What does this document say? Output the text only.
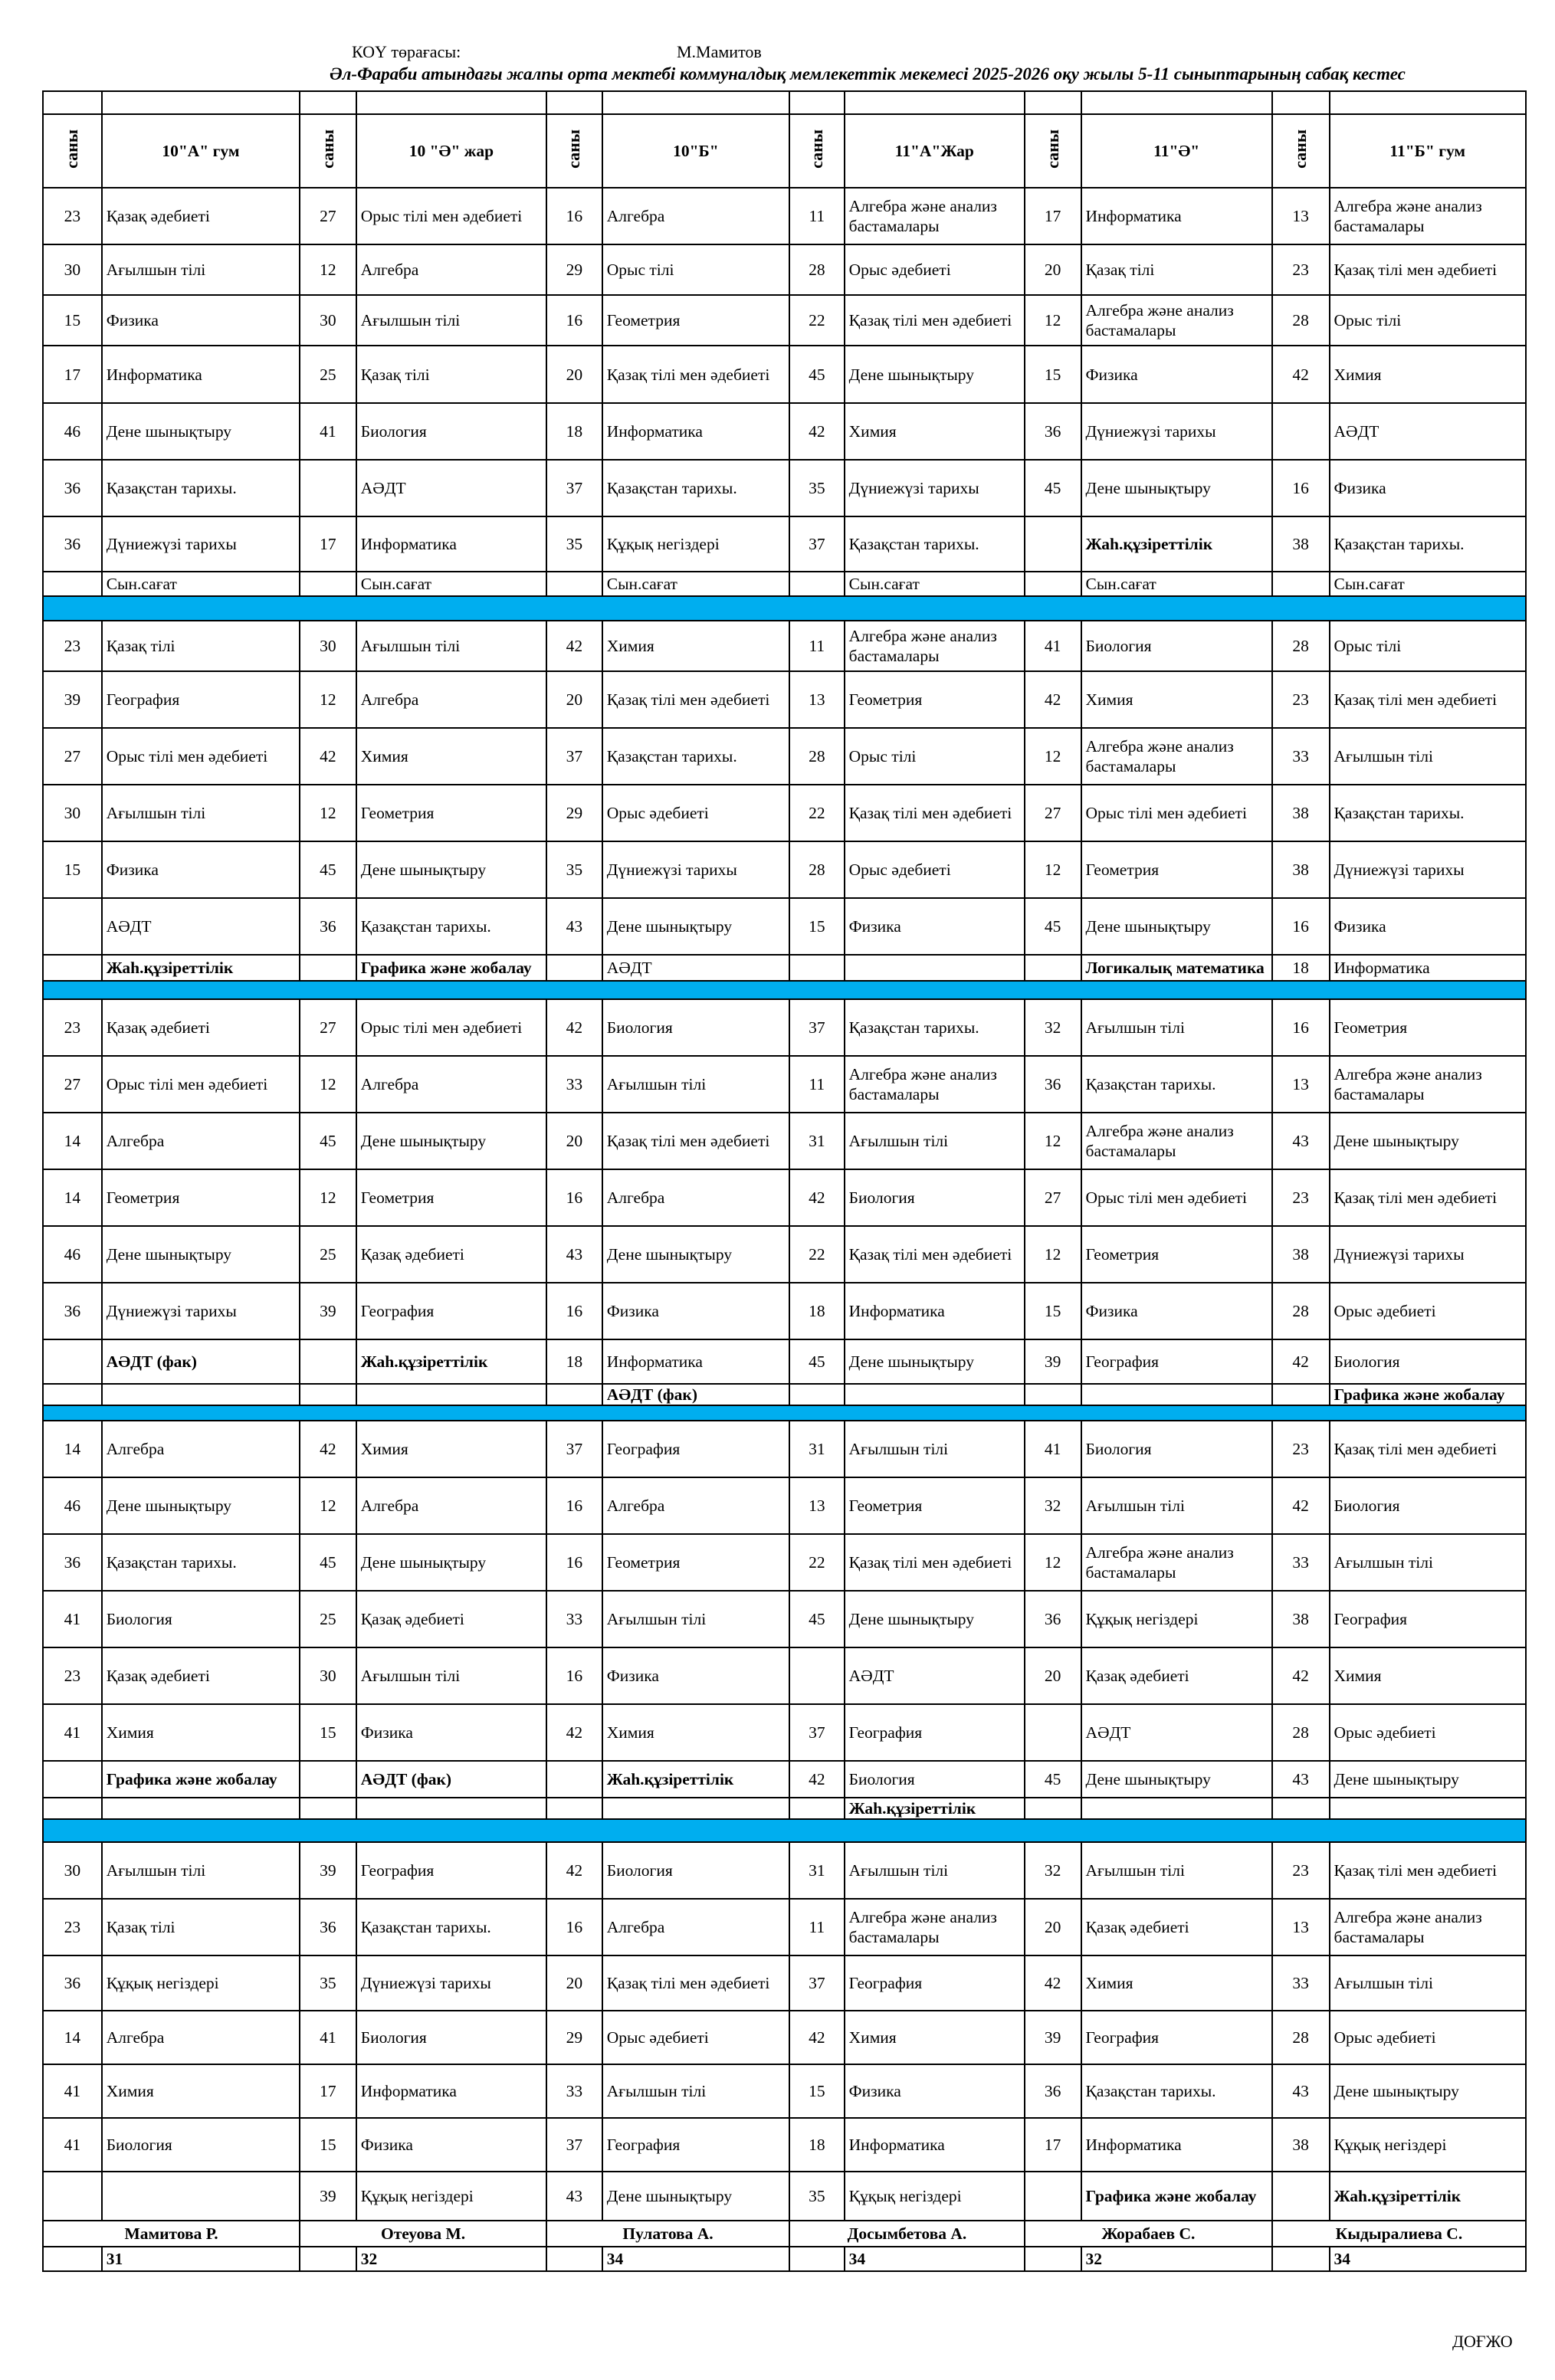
КОҮ төрағасы:	М.Мамитов
Әл-Фараби атындағы жалпы орта мектебі коммуналдық мемлекеттік мекемесі 2025-2026 оқу жылы 5-11 сыныптарының сабақ кестес

саны	10"А" гум	саны	10 "Ә" жар	саны	10"Б"	саны	11"А"Жар	саны	11"Ә"	саны	11"Б" гум
23	Қазақ әдебиеті	27	Орыс тілі мен әдебиеті	16	Алгебра	11	Алгебра және анализ бастамалары	17	Информатика	13	Алгебра және анализ бастамалары
30	Ағылшын тілі	12	Алгебра	29	Орыс тілі	28	Орыс әдебиеті	20	Қазақ тілі	23	Қазақ тілі мен әдебиеті
15	Физика	30	Ағылшын тілі	16	Геометрия	22	Қазақ тілі мен әдебиеті	12	Алгебра және анализ бастамалары	28	Орыс тілі
17	Информатика	25	Қазақ тілі	20	Қазақ тілі мен әдебиеті	45	Дене шынықтыру	15	Физика	42	Химия
46	Дене шынықтыру	41	Биология	18	Информатика	42	Химия	36	Дүниежүзі тарихы		АӘДТ
36	Қазақстан тарихы.		АӘДТ	37	Қазақстан тарихы.	35	Дүниежүзі тарихы	45	Дене шынықтыру	16	Физика
36	Дүниежүзі тарихы	17	Информатика	35	Құқық негіздері	37	Қазақстан тарихы.		Жаһ.құзіреттілік	38	Қазақстан тарихы.
	Сын.сағат		Сын.сағат		Сын.сағат		Сын.сағат		Сын.сағат		Сын.сағат

23	Қазақ тілі	30	Ағылшын тілі	42	Химия	11	Алгебра және анализ бастамалары	41	Биология	28	Орыс тілі
39	География	12	Алгебра	20	Қазақ тілі мен әдебиеті	13	Геометрия	42	Химия	23	Қазақ тілі мен әдебиеті
27	Орыс тілі мен әдебиеті	42	Химия	37	Қазақстан тарихы.	28	Орыс тілі	12	Алгебра және анализ бастамалары	33	Ағылшын тілі
30	Ағылшын тілі	12	Геометрия	29	Орыс әдебиеті	22	Қазақ тілі мен әдебиеті	27	Орыс тілі мен әдебиеті	38	Қазақстан тарихы.
15	Физика	45	Дене шынықтыру	35	Дүниежүзі тарихы	28	Орыс әдебиеті	12	Геометрия	38	Дүниежүзі тарихы
	АӘДТ	36	Қазақстан тарихы.	43	Дене шынықтыру	15	Физика	45	Дене шынықтыру	16	Физика
	Жаһ.құзіреттілік		Графика және жобалау		АӘДТ				Логикалық математика	18	Информатика

23	Қазақ әдебиеті	27	Орыс тілі мен әдебиеті	42	Биология	37	Қазақстан тарихы.	32	Ағылшын тілі	16	Геометрия
27	Орыс тілі мен әдебиеті	12	Алгебра	33	Ағылшын тілі	11	Алгебра және анализ бастамалары	36	Қазақстан тарихы.	13	Алгебра және анализ бастамалары
14	Алгебра	45	Дене шынықтыру	20	Қазақ тілі мен әдебиеті	31	Ағылшын тілі	12	Алгебра және анализ бастамалары	43	Дене шынықтыру
14	Геометрия	12	Геометрия	16	Алгебра	42	Биология	27	Орыс тілі мен әдебиеті	23	Қазақ тілі мен әдебиеті
46	Дене шынықтыру	25	Қазақ әдебиеті	43	Дене шынықтыру	22	Қазақ тілі мен әдебиеті	12	Геометрия	38	Дүниежүзі тарихы
36	Дүниежүзі тарихы	39	География	16	Физика	18	Информатика	15	Физика	28	Орыс әдебиеті
	АӘДТ (фак)		Жаһ.құзіреттілік	18	Информатика	45	Дене шынықтыру	39	География	42	Биология
					АӘДТ (фак)						Графика және жобалау

14	Алгебра	42	Химия	37	География	31	Ағылшын тілі	41	Биология	23	Қазақ тілі мен әдебиеті
46	Дене шынықтыру	12	Алгебра	16	Алгебра	13	Геометрия	32	Ағылшын тілі	42	Биология
36	Қазақстан тарихы.	45	Дене шынықтыру	16	Геометрия	22	Қазақ тілі мен әдебиеті	12	Алгебра және анализ бастамалары	33	Ағылшын тілі
41	Биология	25	Қазақ әдебиеті	33	Ағылшын тілі	45	Дене шынықтыру	36	Құқық негіздері	38	География
23	Қазақ әдебиеті	30	Ағылшын тілі	16	Физика		АӘДТ	20	Қазақ әдебиеті	42	Химия
41	Химия	15	Физика	42	Химия	37	География		АӘДТ	28	Орыс әдебиеті
	Графика және жобалау		АӘДТ (фак)		Жаһ.құзіреттілік	42	Биология	45	Дене шынықтыру	43	Дене шынықтыру
							Жаһ.құзіреттілік				

30	Ағылшын тілі	39	География	42	Биология	31	Ағылшын тілі	32	Ағылшын тілі	23	Қазақ тілі мен әдебиеті
23	Қазақ тілі	36	Қазақстан тарихы.	16	Алгебра	11	Алгебра және анализ бастамалары	20	Қазақ әдебиеті	13	Алгебра және анализ бастамалары
36	Құқық негіздері	35	Дүниежүзі тарихы	20	Қазақ тілі мен әдебиеті	37	География	42	Химия	33	Ағылшын тілі
14	Алгебра	41	Биология	29	Орыс әдебиеті	42	Химия	39	География	28	Орыс әдебиеті
41	Химия	17	Информатика	33	Ағылшын тілі	15	Физика	36	Қазақстан тарихы.	43	Дене шынықтыру
41	Биология	15	Физика	37	География	18	Информатика	17	Информатика	38	Құқық негіздері
		39	Құқық негіздері	43	Дене шынықтыру	35	Құқық негіздері		Графика және жобалау		Жаһ.құзіреттілік
Мамитова Р.		Отеуова М.		Пулатова А.		Досымбетова А.		Жорабаев С.		Кыдыралиева С.	
	31		32		34		34		32		34
ДОҒЖО
